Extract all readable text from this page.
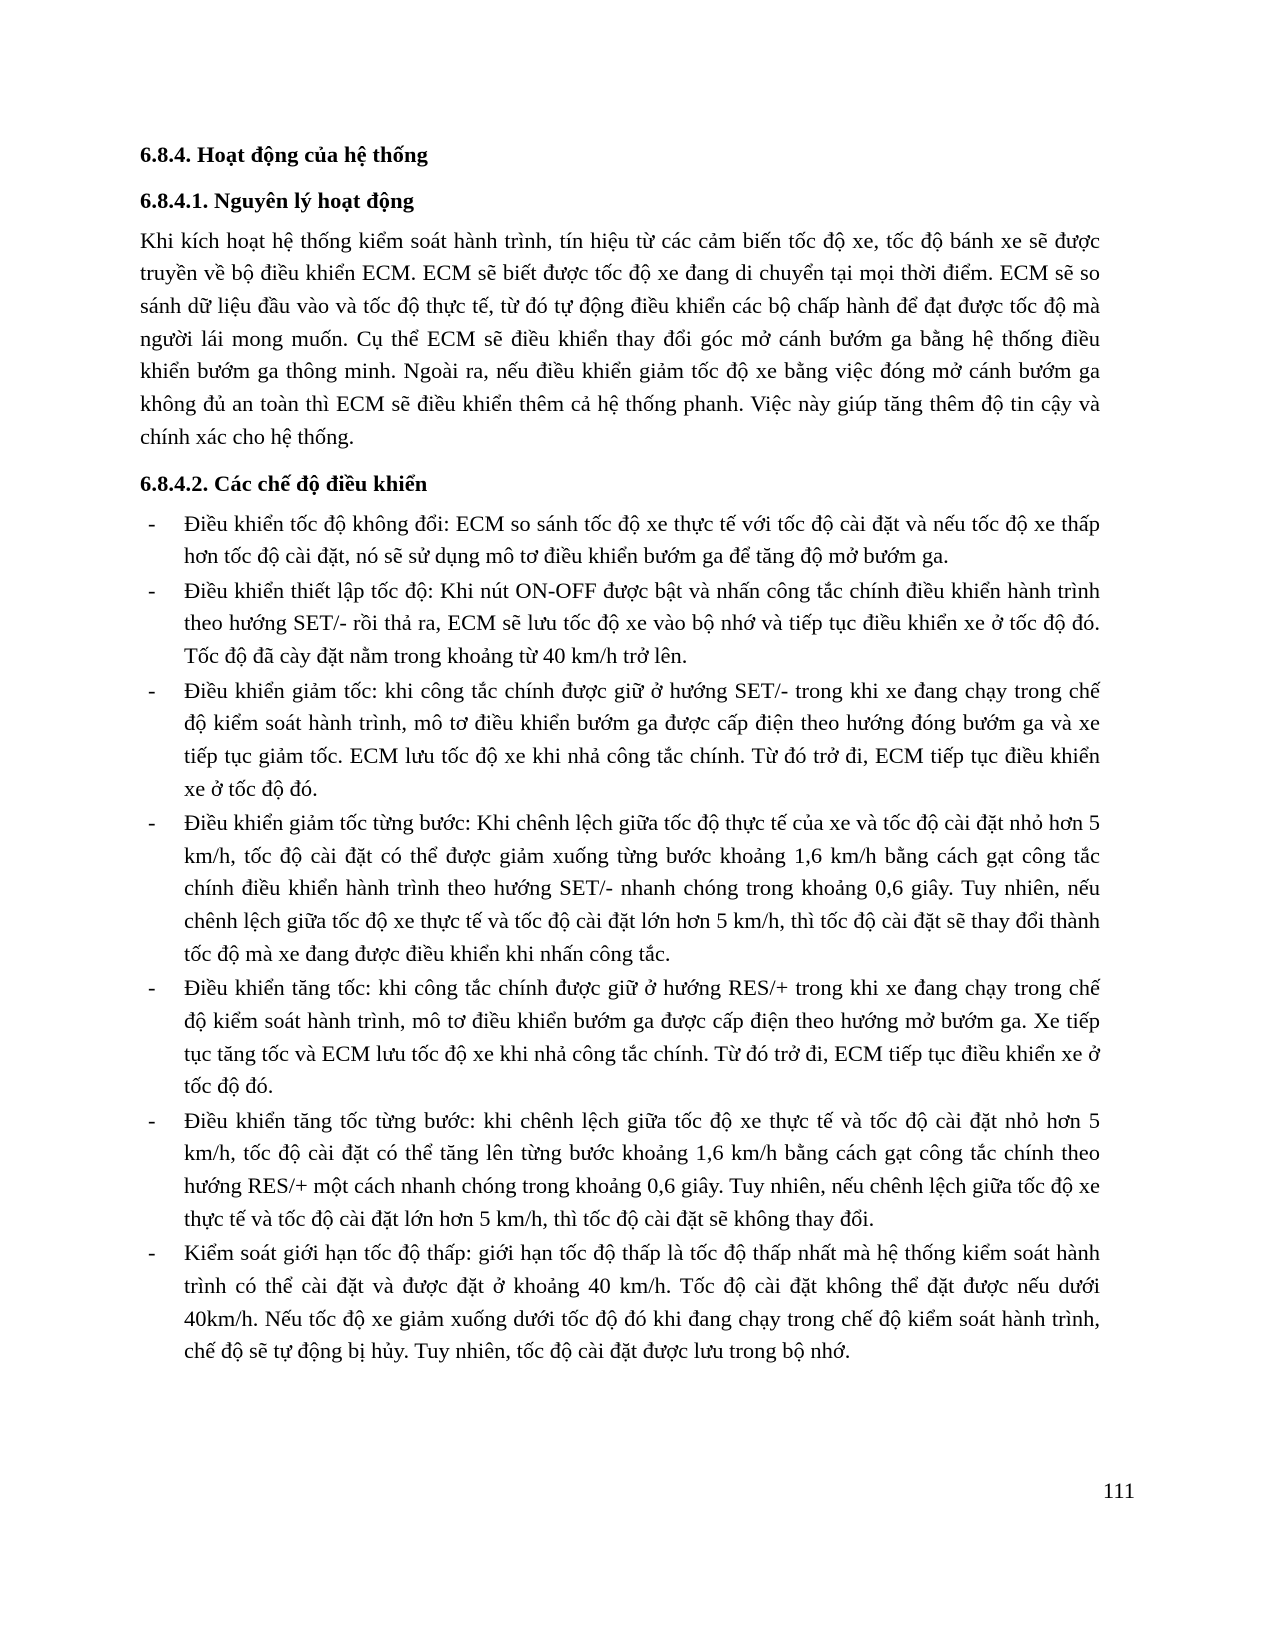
6.8.4. Hoạt động của hệ thống
6.8.4.1. Nguyên lý hoạt động

Khi kích hoạt hệ thống kiểm soát hành trình, tín hiệu từ các cảm biến tốc độ xe, tốc độ bánh xe sẽ được truyền về bộ điều khiển ECM. ECM sẽ biết được tốc độ xe đang di chuyển tại mọi thời điểm. ECM sẽ so sánh dữ liệu đầu vào và tốc độ thực tế, từ đó tự động điều khiển các bộ chấp hành để đạt được tốc độ mà người lái mong muốn. Cụ thể ECM sẽ điều khiển thay đổi góc mở cánh bướm ga bằng hệ thống điều khiển bướm ga thông minh. Ngoài ra, nếu điều khiển giảm tốc độ xe bằng việc đóng mở cánh bướm ga không đủ an toàn thì ECM sẽ điều khiển thêm cả hệ thống phanh. Việc này giúp tăng thêm độ tin cậy và chính xác cho hệ thống.

6.8.4.2. Các chế độ điều khiển
-	Điều khiển tốc độ không đổi: ECM so sánh tốc độ xe thực tế với tốc độ cài đặt và nếu tốc độ xe thấp hơn tốc độ cài đặt, nó sẽ sử dụng mô tơ điều khiển bướm ga để tăng độ mở bướm ga.
-	Điều khiển thiết lập tốc độ: Khi nút ON-OFF được bật và nhấn công tắc chính điều khiển hành trình theo hướng SET/- rồi thả ra, ECM sẽ lưu tốc độ xe vào bộ nhớ và tiếp tục điều khiển xe ở tốc độ đó. Tốc độ đã cày đặt nằm trong khoảng từ 40 km/h trở lên.
-	Điều khiển giảm tốc: khi công tắc chính được giữ ở hướng SET/- trong khi xe đang chạy trong chế độ kiểm soát hành trình, mô tơ điều khiển bướm ga được cấp điện theo hướng đóng bướm ga và xe tiếp tục giảm tốc. ECM lưu tốc độ xe khi nhả công tắc chính. Từ đó trở đi, ECM tiếp tục điều khiển xe ở tốc độ đó.
-	Điều khiển giảm tốc từng bước: Khi chênh lệch giữa tốc độ thực tế của xe và tốc độ cài đặt nhỏ hơn 5 km/h, tốc độ cài đặt có thể được giảm xuống từng bước khoảng 1,6 km/h bằng cách gạt công tắc chính điều khiển hành trình theo hướng SET/- nhanh chóng trong khoảng 0,6 giây. Tuy nhiên, nếu chênh lệch giữa tốc độ xe thực tế và tốc độ cài đặt lớn hơn 5 km/h, thì tốc độ cài đặt sẽ thay đổi thành tốc độ mà xe đang được điều khiển khi nhấn công tắc.
-	Điều khiển tăng tốc: khi công tắc chính được giữ ở hướng RES/+ trong khi xe đang chạy trong chế độ kiểm soát hành trình, mô tơ điều khiển bướm ga được cấp điện theo hướng mở bướm ga. Xe tiếp tục tăng tốc và ECM lưu tốc độ xe khi nhả công tắc chính. Từ đó trở đi, ECM tiếp tục điều khiển xe ở tốc độ đó.
-	Điều khiển tăng tốc từng bước: khi chênh lệch giữa tốc độ xe thực tế và tốc độ cài đặt nhỏ hơn 5 km/h, tốc độ cài đặt có thể tăng lên từng bước khoảng 1,6 km/h bằng cách gạt công tắc chính theo hướng RES/+ một cách nhanh chóng trong khoảng 0,6 giây. Tuy nhiên, nếu chênh lệch giữa tốc độ xe thực tế và tốc độ cài đặt lớn hơn 5 km/h, thì tốc độ cài đặt sẽ không thay đổi.
-	Kiểm soát giới hạn tốc độ thấp: giới hạn tốc độ thấp là tốc độ thấp nhất mà hệ thống kiểm soát hành trình có thể cài đặt và được đặt ở khoảng 40 km/h. Tốc độ cài đặt không thể đặt được nếu dưới 40km/h. Nếu tốc độ xe giảm xuống dưới tốc độ đó khi đang chạy trong chế độ kiểm soát hành trình, chế độ sẽ tự động bị hủy. Tuy nhiên, tốc độ cài đặt được lưu trong bộ nhớ.
111
